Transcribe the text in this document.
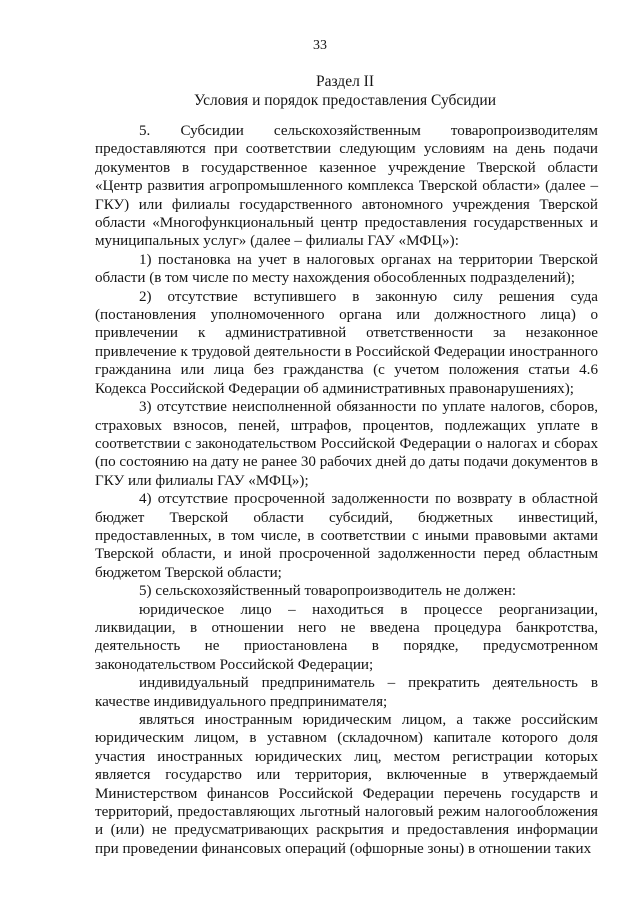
33
Раздел II
Условия и порядок предоставления Субсидии

5. Субсидии сельскохозяйственным товаропроизводителям предоставляются при соответствии следующим условиям на день подачи документов в государственное казенное учреждение Тверской области «Центр развития агропромышленного комплекса Тверской области» (далее – ГКУ) или филиалы государственного автономного учреждения Тверской области «Многофункциональный центр предоставления государственных и муниципальных услуг» (далее – филиалы ГАУ «МФЦ»):

1) постановка на учет в налоговых органах на территории Тверской области (в том числе по месту нахождения обособленных подразделений);

2) отсутствие вступившего в законную силу решения суда (постановления уполномоченного органа или должностного лица) о привлечении к административной ответственности за незаконное привлечение к трудовой деятельности в Российской Федерации иностранного гражданина или лица без гражданства (с учетом положения статьи 4.6 Кодекса Российской Федерации об административных правонарушениях);

3) отсутствие неисполненной обязанности по уплате налогов, сборов, страховых взносов, пеней, штрафов, процентов, подлежащих уплате в соответствии с законодательством Российской Федерации о налогах и сборах (по состоянию на дату не ранее 30 рабочих дней до даты подачи документов в ГКУ или филиалы ГАУ «МФЦ»);

4) отсутствие просроченной задолженности по возврату в областной бюджет Тверской области субсидий, бюджетных инвестиций, предоставленных, в том числе, в соответствии с иными правовыми актами Тверской области, и иной просроченной задолженности перед областным бюджетом Тверской области;

5) сельскохозяйственный товаропроизводитель не должен:

юридическое лицо – находиться в процессе реорганизации, ликвидации, в отношении него не введена процедура банкротства, деятельность не приостановлена в порядке, предусмотренном законодательством Российской Федерации;

индивидуальный предприниматель – прекратить деятельность в качестве индивидуального предпринимателя;

являться иностранным юридическим лицом, а также российским юридическим лицом, в уставном (складочном) капитале которого доля участия иностранных юридических лиц, местом регистрации которых является государство или территория, включенные в утверждаемый Министерством финансов Российской Федерации перечень государств и территорий, предоставляющих льготный налоговый режим налогообложения и (или) не предусматривающих раскрытия и предоставления информации при проведении финансовых операций (офшорные зоны) в отношении таких
